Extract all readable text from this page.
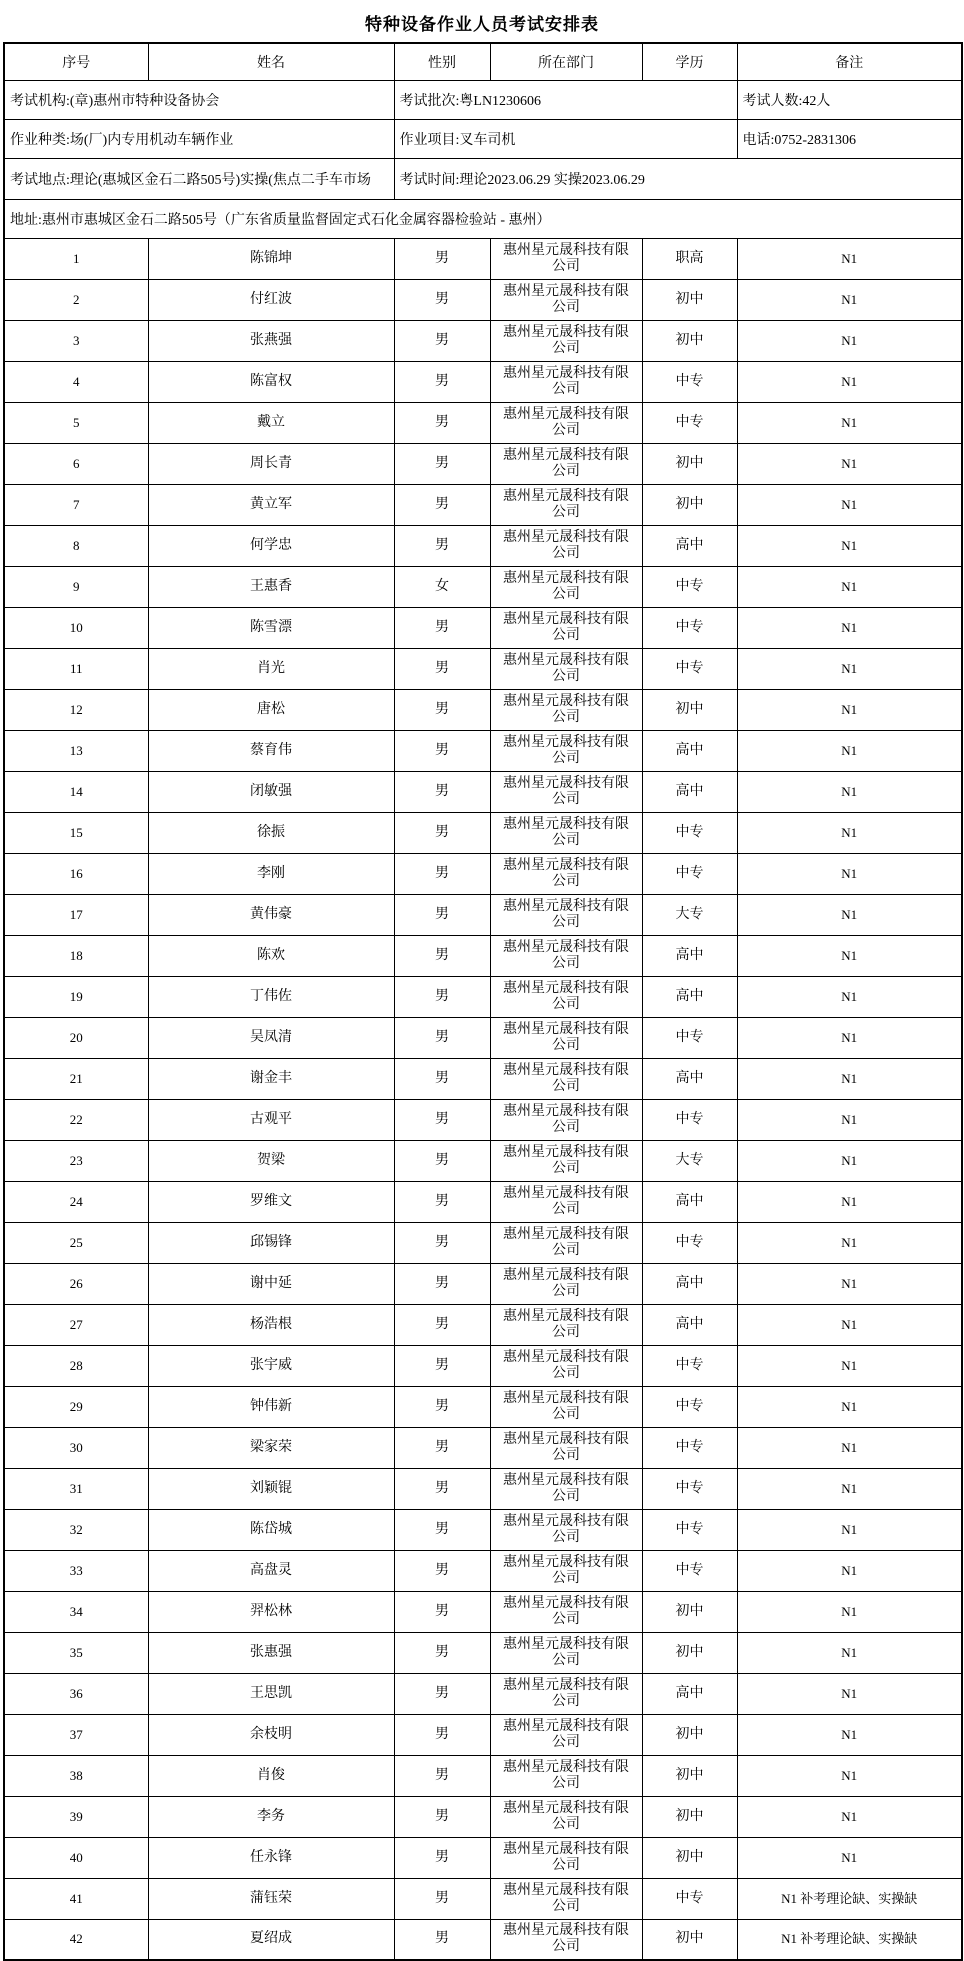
特种设备作业人员考试安排表
考试机构:(章)惠州市特种设备协会		考试批次:粤LN1230606			考试人数:42人
作业种类:场(厂)内专用机动车辆作业		作业项目:叉车司机			电话:0752-2831306
考试地点:理论(惠城区金石二路505号)实操(焦点二手车市场		考试时间:理论2023.06.29 实操2023.06.29			
地址:惠州市惠城区金石二路505号（广东省质量监督固定式石化金属容器检验站 - 惠州）					
序号	姓名	性别	所在部门	学历	备注
1	陈锦坤	男	惠州星元晟科技有限公司	职高	N1
2	付红波	男	惠州星元晟科技有限公司	初中	N1
3	张燕强	男	惠州星元晟科技有限公司	初中	N1
4	陈富权	男	惠州星元晟科技有限公司	中专	N1
5	戴立	男	惠州星元晟科技有限公司	中专	N1
6	周长青	男	惠州星元晟科技有限公司	初中	N1
7	黄立军	男	惠州星元晟科技有限公司	初中	N1
8	何学忠	男	惠州星元晟科技有限公司	高中	N1
9	王惠香	女	惠州星元晟科技有限公司	中专	N1
10	陈雪漂	男	惠州星元晟科技有限公司	中专	N1
11	肖光	男	惠州星元晟科技有限公司	中专	N1
12	唐松	男	惠州星元晟科技有限公司	初中	N1
13	蔡育伟	男	惠州星元晟科技有限公司	高中	N1
14	闭敏强	男	惠州星元晟科技有限公司	高中	N1
15	徐振	男	惠州星元晟科技有限公司	中专	N1
16	李刚	男	惠州星元晟科技有限公司	中专	N1
17	黄伟豪	男	惠州星元晟科技有限公司	大专	N1
18	陈欢	男	惠州星元晟科技有限公司	高中	N1
19	丁伟佐	男	惠州星元晟科技有限公司	高中	N1
20	吴凤清	男	惠州星元晟科技有限公司	中专	N1
21	谢金丰	男	惠州星元晟科技有限公司	高中	N1
22	古观平	男	惠州星元晟科技有限公司	中专	N1
23	贺梁	男	惠州星元晟科技有限公司	大专	N1
24	罗维文	男	惠州星元晟科技有限公司	高中	N1
25	邱锡锋	男	惠州星元晟科技有限公司	中专	N1
26	谢中延	男	惠州星元晟科技有限公司	高中	N1
27	杨浩根	男	惠州星元晟科技有限公司	高中	N1
28	张宇威	男	惠州星元晟科技有限公司	中专	N1
29	钟伟新	男	惠州星元晟科技有限公司	中专	N1
30	梁家荣	男	惠州星元晟科技有限公司	中专	N1
31	刘颖锟	男	惠州星元晟科技有限公司	中专	N1
32	陈岱城	男	惠州星元晟科技有限公司	中专	N1
33	高盘灵	男	惠州星元晟科技有限公司	中专	N1
34	羿松林	男	惠州星元晟科技有限公司	初中	N1
35	张惠强	男	惠州星元晟科技有限公司	初中	N1
36	王思凯	男	惠州星元晟科技有限公司	高中	N1
37	余枝明	男	惠州星元晟科技有限公司	初中	N1
38	肖俊	男	惠州星元晟科技有限公司	初中	N1
39	李务	男	惠州星元晟科技有限公司	初中	N1
40	任永锋	男	惠州星元晟科技有限公司	初中	N1
41	蒲钰荣	男	惠州星元晟科技有限公司	中专	N1 补考理论缺、实操缺
42	夏绍成	男	惠州星元晟科技有限公司	初中	N1 补考理论缺、实操缺
